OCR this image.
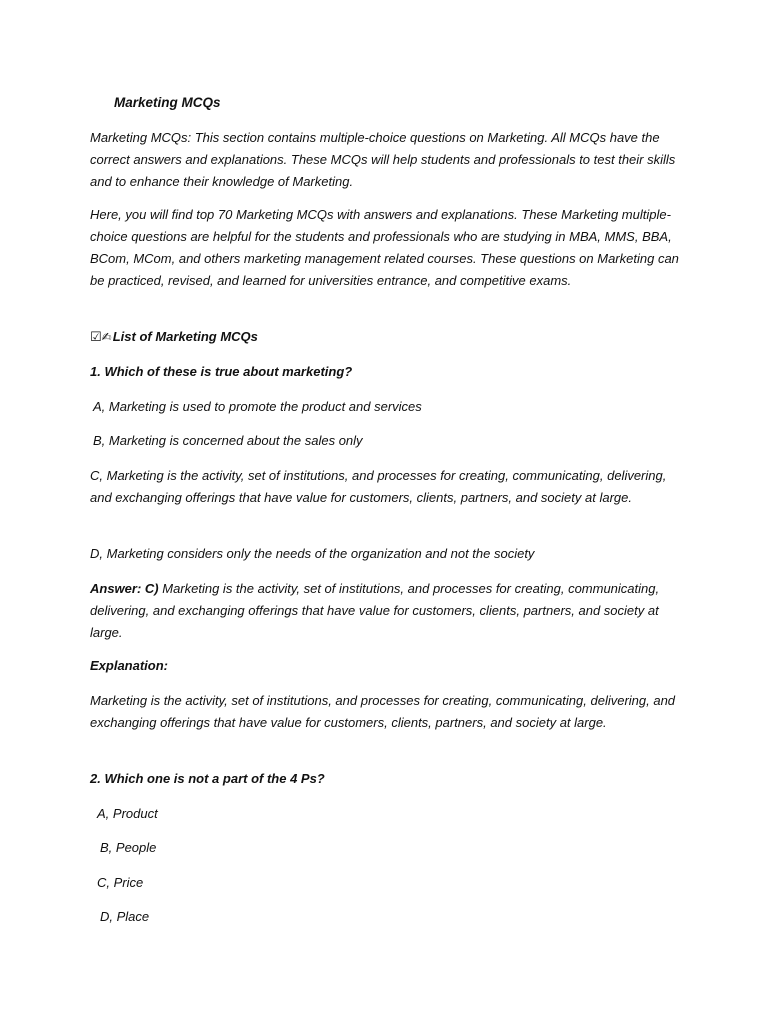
Marketing MCQs

Marketing MCQs: This section contains multiple-choice questions on Marketing. All MCQs have the correct answers and explanations. These MCQs will help students and professionals to test their skills and to enhance their knowledge of Marketing.

Here, you will find top 70 Marketing MCQs with answers and explanations. These Marketing multiple-choice questions are helpful for the students and professionals who are studying in MBA, MMS, BBA, BCom, MCom, and others marketing management related courses. These questions on Marketing can be practiced, revised, and learned for universities entrance, and competitive exams.

☑✍List of Marketing MCQs

1. Which of these is true about marketing?

A, Marketing is used to promote the product and services

B, Marketing is concerned about the sales only

C, Marketing is the activity, set of institutions, and processes for creating, communicating, delivering, and exchanging offerings that have value for customers, clients, partners, and society at large.

D, Marketing considers only the needs of the organization and not the society

Answer: C) Marketing is the activity, set of institutions, and processes for creating, communicating, delivering, and exchanging offerings that have value for customers, clients, partners, and society at large.

Explanation:

Marketing is the activity, set of institutions, and processes for creating, communicating, delivering, and exchanging offerings that have value for customers, clients, partners, and society at large.

2. Which one is not a part of the 4 Ps?

A, Product

B, People

C, Price

D, Place
